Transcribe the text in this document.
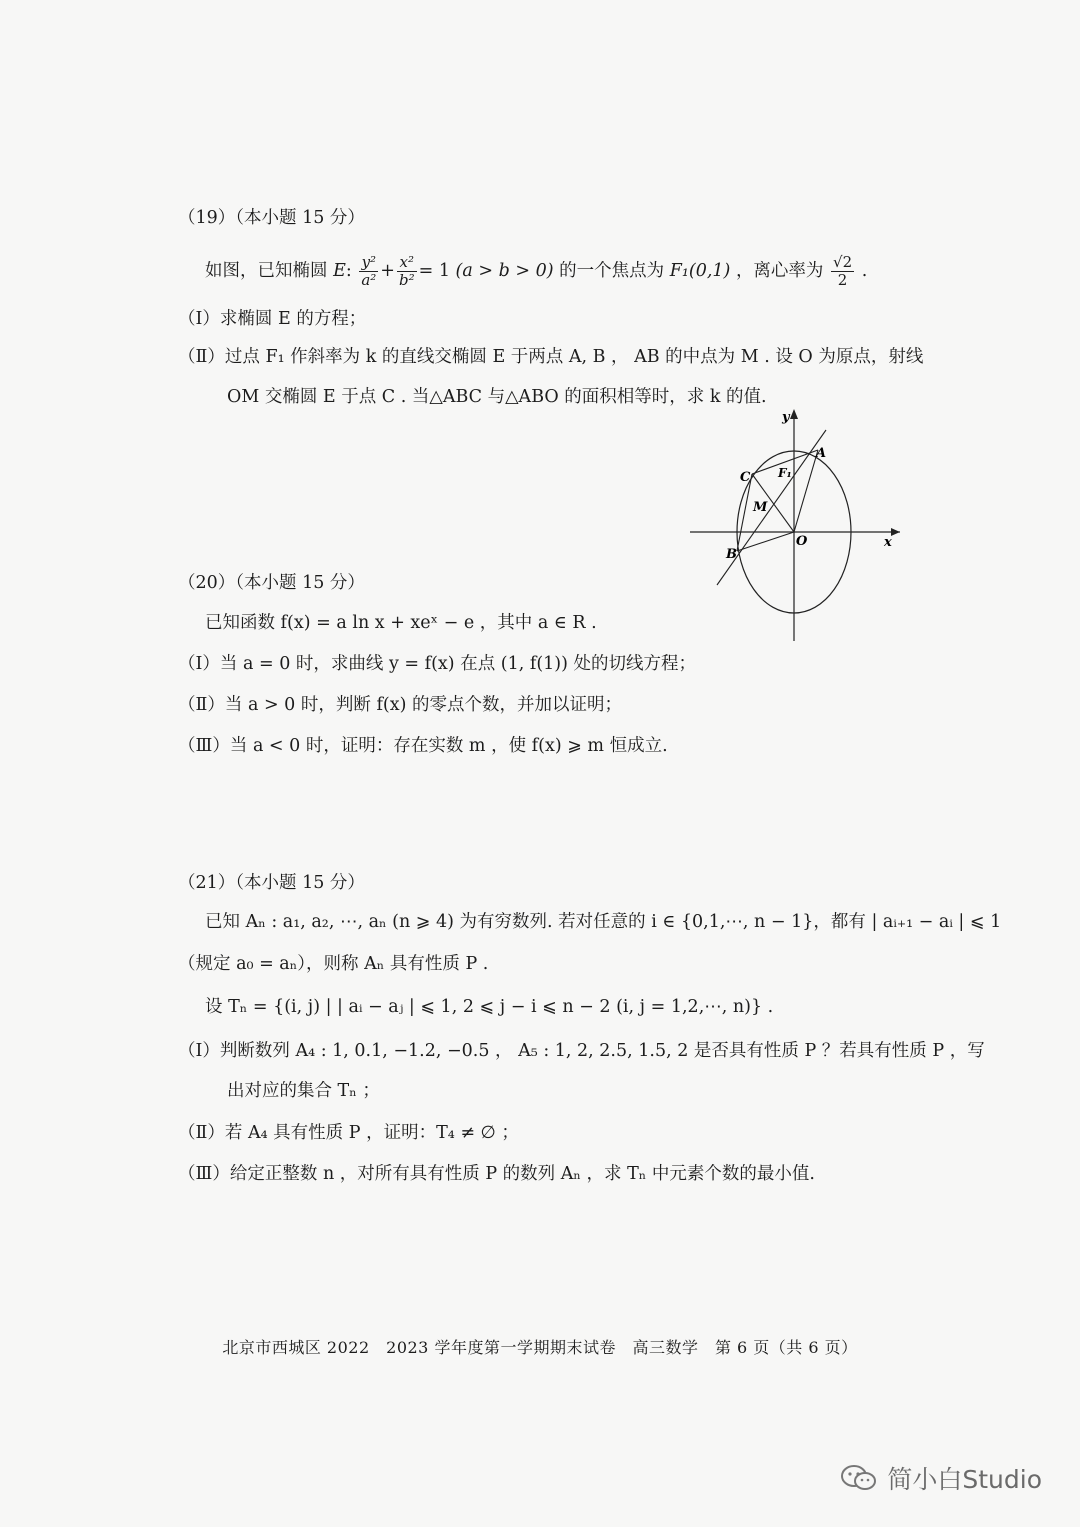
（19）（本小题 15 分）
如图，已知椭圆 E: $\frac{\text{y²}}{\text{a²}} + \frac{\text{x²}}{\text{b²}} = 1$ (a > b > 0) 的一个焦点为 F₁(0,1) ，离心率为 $\frac{√2}{2}$ .
（Ⅰ）求椭圆 E 的方程；
（Ⅱ）过点 F₁ 作斜率为 k 的直线交椭圆 E 于两点 A, B ， AB 的中点为 M . 设 O 为原点，射线
OM 交椭圆 E 于点 C . 当△ABC 与△ABO 的面积相等时，求 k 的值.
y
x
O
A
B
C
M
F₁
（20）（本小题 15 分）
已知函数 f(x) = a ln x + xeˣ − e ，其中 a ∈ R .
（Ⅰ）当 a = 0 时，求曲线 y = f(x) 在点 (1, f(1)) 处的切线方程；
（Ⅱ）当 a > 0 时，判断 f(x) 的零点个数，并加以证明；
（Ⅲ）当 a < 0 时，证明：存在实数 m ，使 f(x) ⩾ m 恒成立.
（21）（本小题 15 分）
已知 Aₙ : a₁, a₂, ⋯, aₙ (n ⩾ 4) 为有穷数列. 若对任意的 i ∈ {0,1,⋯, n − 1}，都有 | aᵢ₊₁ − aᵢ | ⩽ 1
（规定 a₀ = aₙ），则称 Aₙ 具有性质 P .
设 Tₙ = {(i, j) | | aᵢ − aⱼ | ⩽ 1, 2 ⩽ j − i ⩽ n − 2 (i, j = 1,2,⋯, n)} .
（Ⅰ）判断数列 A₄ : 1, 0.1, −1.2, −0.5 ， A₅ : 1, 2, 2.5, 1.5, 2 是否具有性质 P ？若具有性质 P ，写
出对应的集合 Tₙ ；
（Ⅱ）若 A₄ 具有性质 P ，证明：T₄ ≠ ∅ ；
（Ⅲ）给定正整数 n ，对所有具有性质 P 的数列 Aₙ ，求 Tₙ 中元素个数的最小值.
北京市西城区 2022　2023 学年度第一学期期末试卷　高三数学　第 6 页（共 6 页）
简小白Studio
